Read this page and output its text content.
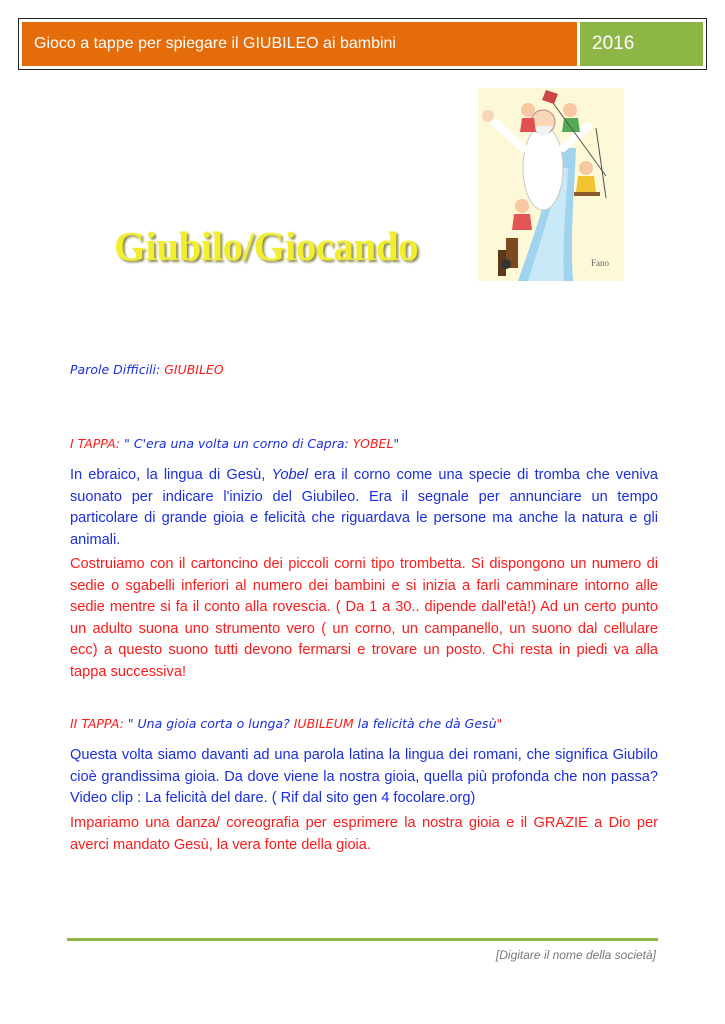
Gioco a tappe per spiegare il GIUBILEO ai bambini	2016
Fano
Giubilo/Giocando
Parole Difficili: GIUBILEO
I TAPPA: " C'era una volta un corno di Capra: YOBEL"

In ebraico, la lingua di Gesù, Yobel era il corno come una specie di tromba che veniva suonato per indicare l'inizio del Giubileo. Era il segnale per annunciare un tempo particolare di grande gioia e felicità che riguardava le persone ma anche la natura e gli animali.

Costruiamo con il cartoncino dei piccoli corni tipo trombetta. Si dispongono un numero di sedie o sgabelli inferiori al numero dei bambini e si inizia a farli camminare intorno alle sedie mentre si fa il conto alla rovescia. ( Da 1 a 30.. dipende dall'età!) Ad un certo punto un adulto suona uno strumento vero ( un corno, un campanello, un suono dal cellulare ecc) a questo suono tutti devono fermarsi e trovare un posto. Chi resta in piedi va alla tappa successiva!

II TAPPA: " Una gioia corta o lunga? IUBILEUM la felicità che dà Gesù"

Questa volta siamo davanti ad una parola latina la lingua dei romani, che significa Giubilo cioè grandissima gioia. Da dove viene la nostra gioia, quella più profonda che non passa? Video clip : La felicità del dare. ( Rif dal sito gen 4 focolare.org)

Impariamo una danza/ coreografia per esprimere la nostra gioia e il GRAZIE a Dio per averci mandato Gesù, la vera fonte della gioia.

[Digitare il nome della società]
